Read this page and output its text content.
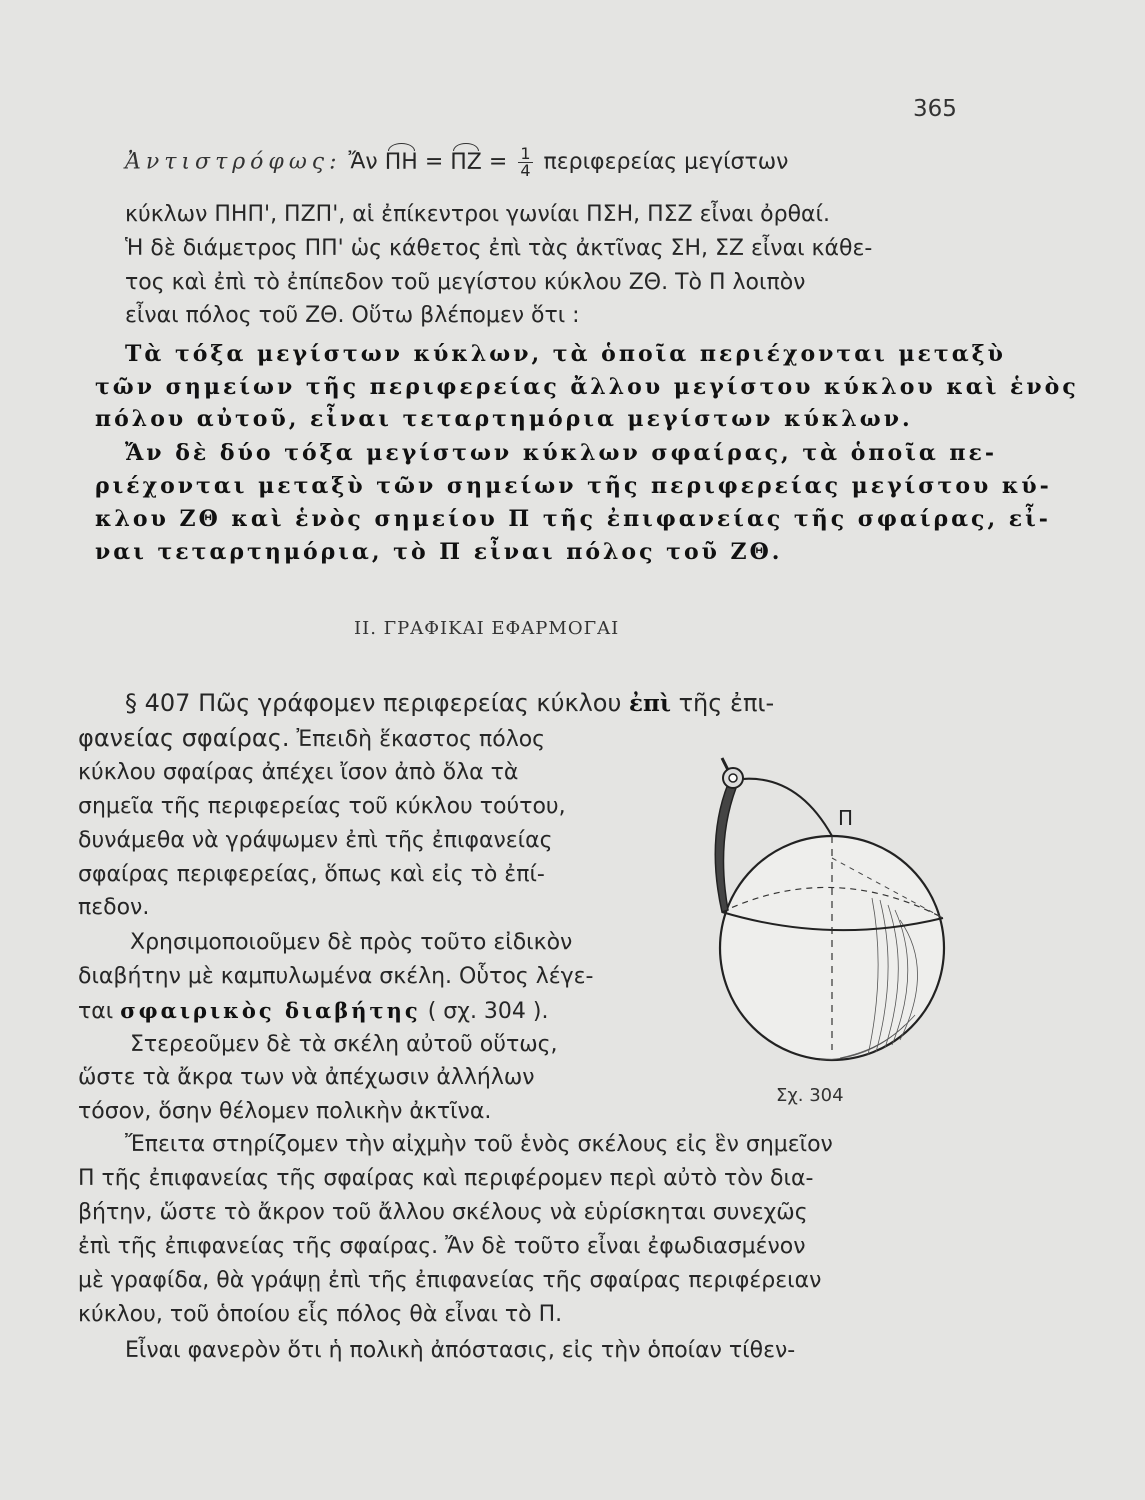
365
Ἀντιστρόφως: Ἄν $\Pi H = \Pi Z = \frac{1}{4}$ περιφερείας μεγίστων
κύκλων ΠΗΠ', ΠΖΠ', αἱ ἐπίκεντροι γωνίαι ΠΣΗ, ΠΣΖ εἶναι ὀρθαί.
Ἡ δὲ διάμετρος ΠΠ' ὡς κάθετος ἐπὶ τὰς ἀκτῖνας ΣΗ, ΣΖ εἶναι κάθε-
τος καὶ ἐπὶ τὸ ἐπίπεδον τοῦ μεγίστου κύκλου ΖΘ. Τὸ Π λοιπὸν
εἶναι πόλος τοῦ ΖΘ. Οὕτω βλέπομεν ὅτι :
Τὰ τόξα μεγίστων κύκλων, τὰ ὁποῖα περιέχονται μεταξὺ
τῶν σημείων τῆς περιφερείας ἄλλου μεγίστου κύκλου καὶ ἑνὸς
πόλου αὐτοῦ, εἶναι τεταρτημόρια μεγίστων κύκλων.
Ἄν δὲ δύο τόξα μεγίστων κύκλων σφαίρας, τὰ ὁποῖα πε-
ριέχονται μεταξὺ τῶν σημείων τῆς περιφερείας μεγίστου κύ-
κλου ΖΘ καὶ ἑνὸς σημείου Π τῆς ἐπιφανείας τῆς σφαίρας, εἶ-
ναι τεταρτημόρια, τὸ Π εἶναι πόλος τοῦ ΖΘ.
II. ΓΡΑΦΙΚΑΙ ΕΦΑΡΜΟΓΑΙ
§ 407 Πῶς γράφομεν περιφερείας κύκλου ἐπὶ τῆς ἐπι-
φανείας σφαίρας. Ἐπειδὴ ἕκαστος πόλος
κύκλου σφαίρας ἀπέχει ἴσον ἀπὸ ὅλα τὰ
σημεῖα τῆς περιφερείας τοῦ κύκλου τούτου,
δυνάμεθα νὰ γράψωμεν ἐπὶ τῆς ἐπιφανείας
σφαίρας περιφερείας, ὅπως καὶ εἰς τὸ ἐπί-
πεδον.
Χρησιμοποιοῦμεν δὲ πρὸς τοῦτο εἰδικὸν
διαβήτην μὲ καμπυλωμένα σκέλη. Οὗτος λέγε-
ται σφαιρικὸς διαβήτης ( σχ. 304 ).
Στερεοῦμεν δὲ τὰ σκέλη αὐτοῦ οὕτως,
ὥστε τὰ ἄκρα των νὰ ἀπέχωσιν ἀλλήλων
τόσον, ὅσην θέλομεν πολικὴν ἀκτῖνα.
Π
Σχ. 304
Ἔπειτα στηρίζομεν τὴν αἰχμὴν τοῦ ἑνὸς σκέλους εἰς ἓν σημεῖον
Π τῆς ἐπιφανείας τῆς σφαίρας καὶ περιφέρομεν περὶ αὐτὸ τὸν δια-
βήτην, ὥστε τὸ ἄκρον τοῦ ἄλλου σκέλους νὰ εὑρίσκηται συνεχῶς
ἐπὶ τῆς ἐπιφανείας τῆς σφαίρας. Ἄν δὲ τοῦτο εἶναι ἐφωδιασμένον
μὲ γραφίδα, θὰ γράψῃ ἐπὶ τῆς ἐπιφανείας τῆς σφαίρας περιφέρειαν
κύκλου, τοῦ ὁποίου εἷς πόλος θὰ εἶναι τὸ Π.
Εἶναι φανερὸν ὅτι ἡ πολικὴ ἀπόστασις, εἰς τὴν ὁποίαν τίθεν-
